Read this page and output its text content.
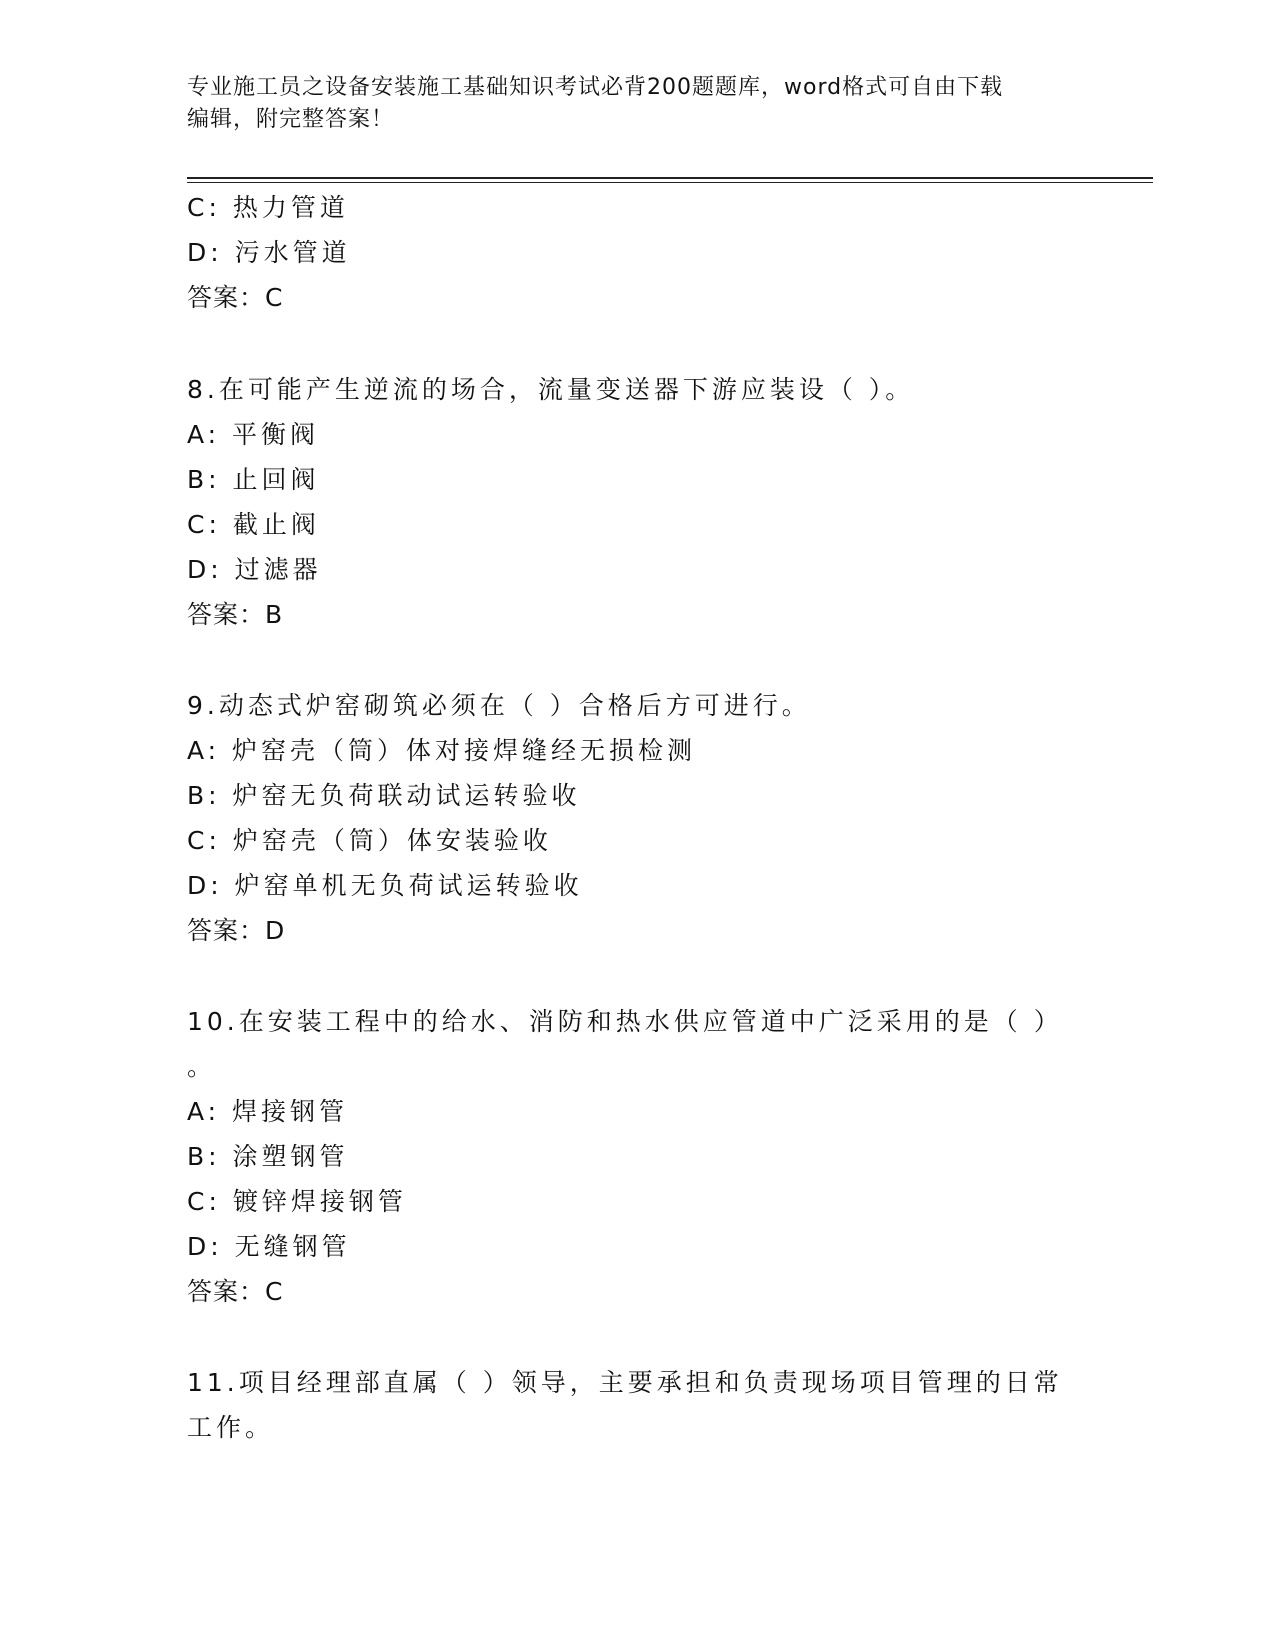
专业施工员之设备安装施工基础知识考试必背200题题库，word格式可自由下载
编辑，附完整答案！
C: 热力管道
D: 污水管道
答案：C
8.在可能产生逆流的场合，流量变送器下游应装设（ ）。
A: 平衡阀
B: 止回阀
C: 截止阀
D: 过滤器
答案：B
9.动态式炉窑砌筑必须在（ ）合格后方可进行。
A: 炉窑壳（筒）体对接焊缝经无损检测
B: 炉窑无负荷联动试运转验收
C: 炉窑壳（筒）体安装验收
D: 炉窑单机无负荷试运转验收
答案：D
10.在安装工程中的给水、消防和热水供应管道中广泛采用的是（ ）
。
A: 焊接钢管
B: 涂塑钢管
C: 镀锌焊接钢管
D: 无缝钢管
答案：C
11.项目经理部直属（ ）领导，主要承担和负责现场项目管理的日常
工作。
